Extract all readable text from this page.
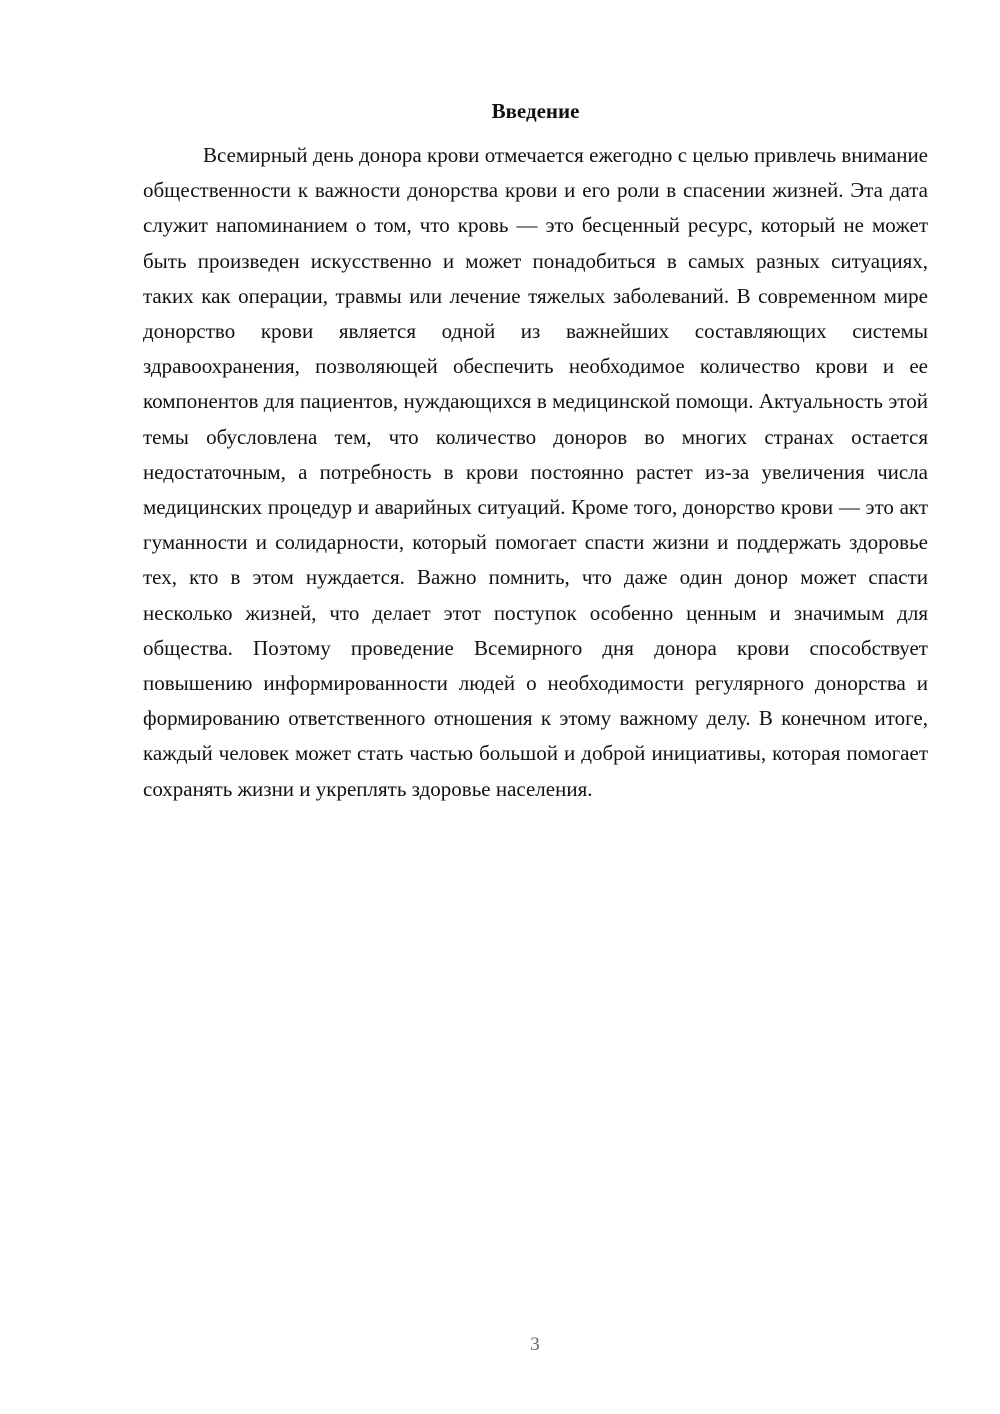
Введение

Всемирный день донора крови отмечается ежегодно с целью привлечь внимание общественности к важности донорства крови и его роли в спасении жизней. Эта дата служит напоминанием о том, что кровь — это бесценный ресурс, который не может быть произведен искусственно и может понадобиться в самых разных ситуациях, таких как операции, травмы или лечение тяжелых заболеваний. В современном мире донорство крови является одной из важнейших составляющих системы здравоохранения, позволяющей обеспечить необходимое количество крови и ее компонентов для пациентов, нуждающихся в медицинской помощи. Актуальность этой темы обусловлена тем, что количество доноров во многих странах остается недостаточным, а потребность в крови постоянно растет из-за увеличения числа медицинских процедур и аварийных ситуаций. Кроме того, донорство крови — это акт гуманности и солидарности, который помогает спасти жизни и поддержать здоровье тех, кто в этом нуждается. Важно помнить, что даже один донор может спасти несколько жизней, что делает этот поступок особенно ценным и значимым для общества. Поэтому проведение Всемирного дня донора крови способствует повышению информированности людей о необходимости регулярного донорства и формированию ответственного отношения к этому важному делу. В конечном итоге, каждый человек может стать частью большой и доброй инициативы, которая помогает сохранять жизни и укреплять здоровье населения.

3
